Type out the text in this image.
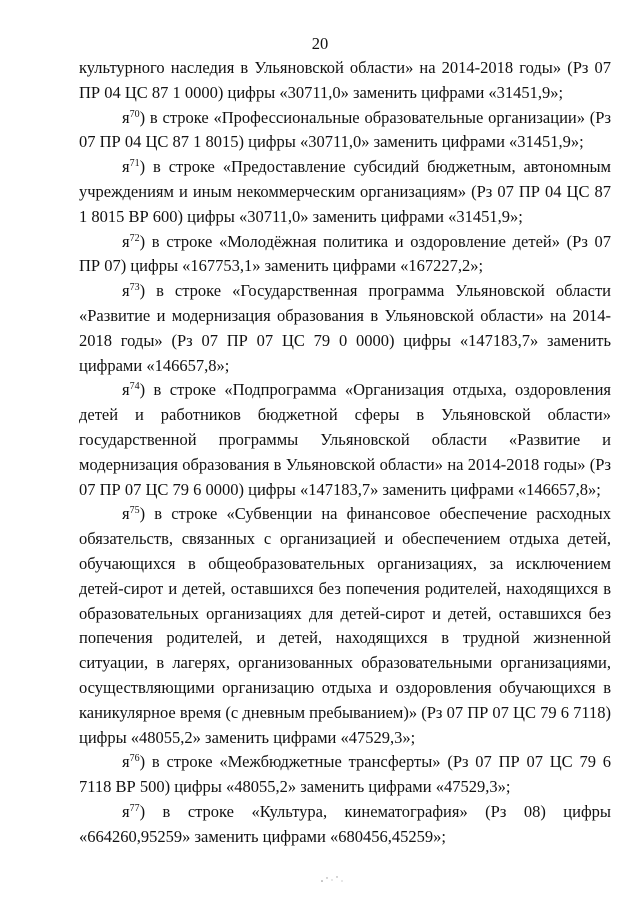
20

культурного наследия в Ульяновской области» на 2014-2018 годы» (Рз 07 ПР 04 ЦС 87 1 0000) цифры «30711,0» заменить цифрами «31451,9»;

$я^{70}$) в строке «Профессиональные образовательные организации» (Рз 07 ПР 04 ЦС 87 1 8015) цифры «30711,0» заменить цифрами «31451,9»;

$я^{71}$) в строке «Предоставление субсидий бюджетным, автономным учреждениям и иным некоммерческим организациям» (Рз 07 ПР 04 ЦС 87 1 8015 ВР 600) цифры «30711,0» заменить цифрами «31451,9»;

$я^{72}$) в строке «Молодёжная политика и оздоровление детей» (Рз 07 ПР 07) цифры «167753,1» заменить цифрами «167227,2»;

$я^{73}$) в строке «Государственная программа Ульяновской области «Развитие и модернизация образования в Ульяновской области» на 2014-2018 годы» (Рз 07 ПР 07 ЦС 79 0 0000) цифры «147183,7» заменить цифрами «146657,8»;

$я^{74}$) в строке «Подпрограмма «Организация отдыха, оздоровления детей и работников бюджетной сферы в Ульяновской области» государственной программы Ульяновской области «Развитие и модернизация образования в Ульяновской области» на 2014-2018 годы» (Рз 07 ПР 07 ЦС 79 6 0000) цифры «147183,7» заменить цифрами «146657,8»;

$я^{75}$) в строке «Субвенции на финансовое обеспечение расходных обязательств, связанных с организацией и обеспечением отдыха детей, обучающихся в общеобразовательных организациях, за исключением детей-сирот и детей, оставшихся без попечения родителей, находящихся в образовательных организациях для детей-сирот и детей, оставшихся без попечения родителей, и детей, находящихся в трудной жизненной ситуации, в лагерях, организованных образовательными организациями, осуществляющими организацию отдыха и оздоровления обучающихся в каникулярное время (с дневным пребыванием)» (Рз 07 ПР 07 ЦС 79 6 7118) цифры «48055,2» заменить цифрами «47529,3»;

$я^{76}$) в строке «Межбюджетные трансферты» (Рз 07 ПР 07 ЦС 79 6 7118 ВР 500) цифры «48055,2» заменить цифрами «47529,3»;

$я^{77}$) в строке «Культура, кинематография» (Рз 08) цифры «664260,95259» заменить цифрами «680456,45259»;
